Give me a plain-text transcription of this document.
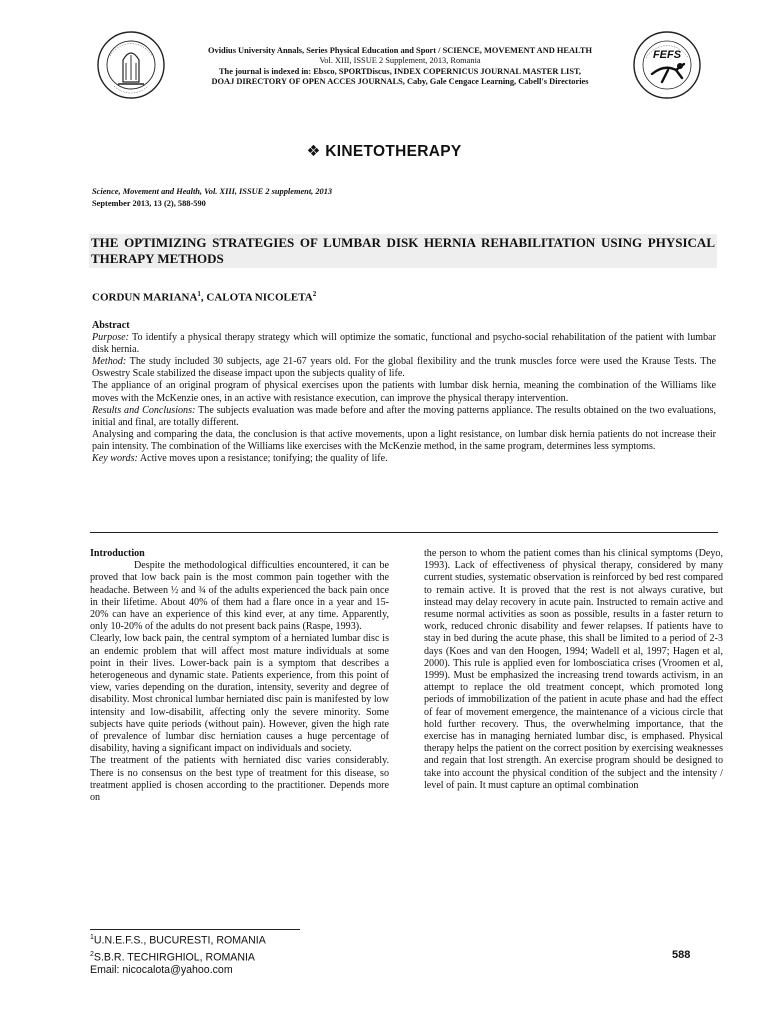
Ovidius University Annals, Series Physical Education and Sport / SCIENCE, MOVEMENT AND HEALTH
Vol. XIII, ISSUE 2 Supplement, 2013, Romania
The journal is indexed in: Ebsco, SPORTDiscus, INDEX COPERNICUS JOURNAL MASTER LIST,
DOAJ DIRECTORY OF OPEN ACCES JOURNALS, Caby, Gale Cengace Learning, Cabell's Directories
FEFS
❖ KINETOTHERAPY
Science, Movement and Health, Vol. XIII, ISSUE 2 supplement, 2013
September 2013, 13 (2), 588-590
THE OPTIMIZING STRATEGIES OF LUMBAR DISK HERNIA REHABILITATION USING PHYSICAL THERAPY METHODS
CORDUN MARIANA$^1$, CALOTA NICOLETA$^2$

Abstract

Purpose: To identify a physical therapy strategy which will optimize the somatic, functional and psycho-social rehabilitation of the patient with lumbar disk hernia.

Method: The study included 30 subjects, age 21-67 years old. For the global flexibility and the trunk muscles force were used the Krause Tests. The Oswestry Scale stabilized the disease impact upon the subjects quality of life.

The appliance of an original program of physical exercises upon the patients with lumbar disk hernia, meaning the combination of the Williams like moves with the McKenzie ones, in an active with resistance execution, can improve the physical therapy intervention.

Results and Conclusions: The subjects evaluation was made before and after the moving patterns appliance. The results obtained on the two evaluations, initial and final, are totally different.

Analysing and comparing the data, the conclusion is that active movements, upon a light resistance, on lumbar disk hernia patients do not increase their pain intensity. The combination of the Williams like exercises with the McKenzie method, in the same program, determines less symptoms.

Key words: Active moves upon a resistance; tonifying; the quality of life.

Introduction

Despite the methodological difficulties encountered, it can be proved that low back pain is the most common pain together with the headache. Between ½ and ¾ of the adults experienced the back pain once in their lifetime. About 40% of them had a flare once in a year and 15-20% can have an experience of this kind ever, at any time. Apparently, only 10-20% of the adults do not present back pains (Raspe, 1993).

Clearly, low back pain, the central symptom of a herniated lumbar disc is an endemic problem that will affect most mature individuals at some point in their lives. Lower-back pain is a symptom that describes a heterogeneous and dynamic state. Patients experience, from this point of view, varies depending on the duration, intensity, severity and degree of disability. Most chronical lumbar herniated disc pain is manifested by low intensity and low-disabilit, affecting only the severe minority. Some subjects have quite periods (without pain). However, given the high rate of prevalence of lumbar disc herniation causes a huge percentage of disability, having a significant impact on individuals and society.

The treatment of the patients with herniated disc varies considerably. There is no consensus on the best type of treatment for this disease, so treatment applied is chosen according to the practitioner. Depends more on

the person to whom the patient comes than his clinical symptoms (Deyo, 1993). Lack of effectiveness of physical therapy, considered by many current studies, systematic observation is reinforced by bed rest compared to remain active. It is proved that the rest is not always curative, but instead may delay recovery in acute pain. Instructed to remain active and resume normal activities as soon as possible, results in a faster return to work, reduced chronic disability and fewer relapses. If patients have to stay in bed during the acute phase, this shall be limited to a period of 2-3 days (Koes and van den Hoogen, 1994; Wadell et al, 1997; Hagen et al, 2000). This rule is applied even for lombosciatica crises (Vroomen et al, 1999). Must be emphasized the increasing trend towards activism, in an attempt to replace the old treatment concept, which promoted long periods of immobilization of the patient in acute phase and had the effect of fear of movement emergence, the maintenance of a vicious circle that hold further recovery. Thus, the overwhelming importance, that the exercise has in managing herniated lumbar disc, is emphased. Physical therapy helps the patient on the correct position by exercising weaknesses and regain that lost strength. An exercise program should be designed to take into account the physical condition of the subject and the intensity / level of pain. It must capture an optimal combination

$^1$U.N.E.F.S., BUCURESTI, ROMANIA
$^2$S.B.R. TECHIRGHIOL, ROMANIA
Email: nicocalota@yahoo.com
588
